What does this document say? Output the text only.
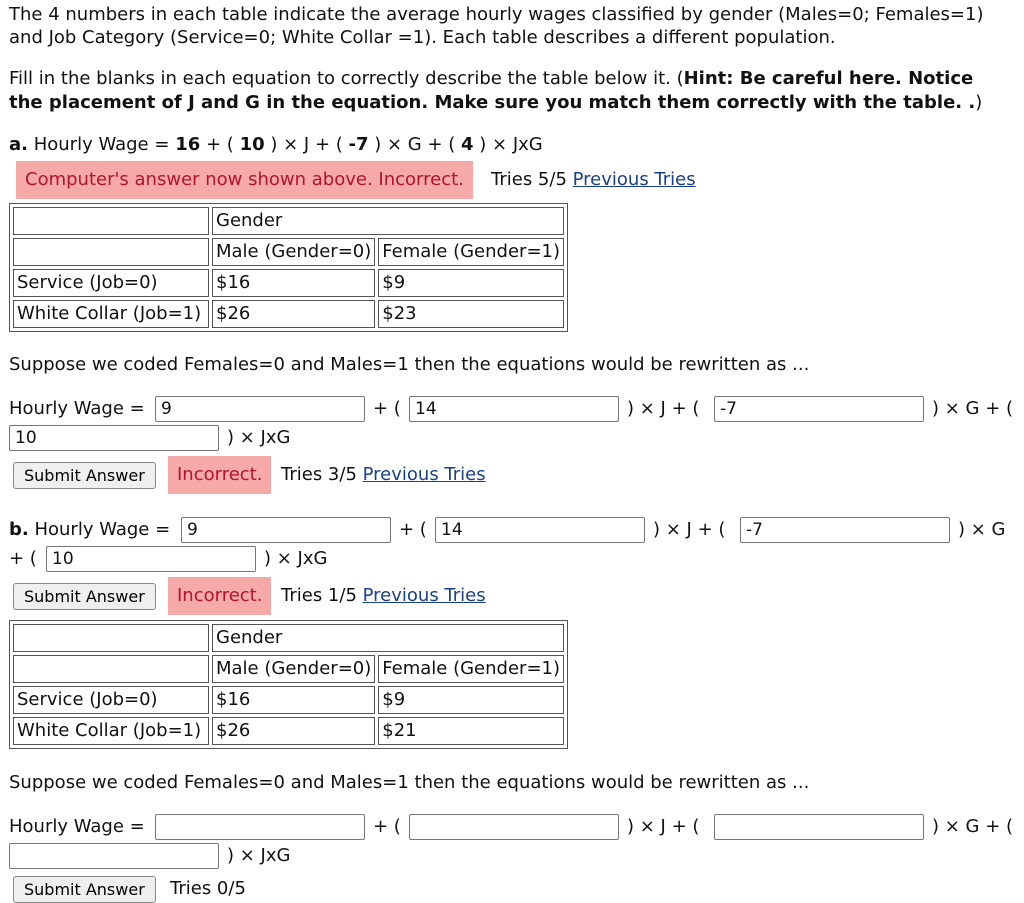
The 4 numbers in each table indicate the average hourly wages classified by gender (Males=0; Females=1)
and Job Category (Service=0; White Collar =1). Each table describes a different population.
Fill in the blanks in each equation to correctly describe the table below it. (Hint: Be careful here. Notice
the placement of J and G in the equation. Make sure you match them correctly with the table. .)
a. Hourly Wage = 16 + ( 10 ) × J + ( -7 ) × G + ( 4 ) × JxG
Computer's answer now shown above. Incorrect.	Tries 5/5 Previous Tries
	Gender	
	Male (Gender=0)	Female (Gender=1)
Service (Job=0)	$16	$9
White Collar (Job=1)	$26	$23
Suppose we coded Females=0 and Males=1 then the equations would be rewritten as ...
Hourly Wage =
9	+ (
14	) × J + (
-7	) × G + (
10
) × JxG
Submit Answer	Incorrect.	Tries 3/5 Previous Tries
b. Hourly Wage =
9	+ (
14	) × J + (
-7	) × G
+ (
10	) × JxG
Submit Answer	Incorrect.	Tries 1/5 Previous Tries
	Gender	
	Male (Gender=0)	Female (Gender=1)
Service (Job=0)	$16	$9
White Collar (Job=1)	$26	$21
Suppose we coded Females=0 and Males=1 then the equations would be rewritten as ...
Hourly Wage =	+ (	) × J + (	) × G + (
) × JxG
Submit Answer	Tries 0/5
